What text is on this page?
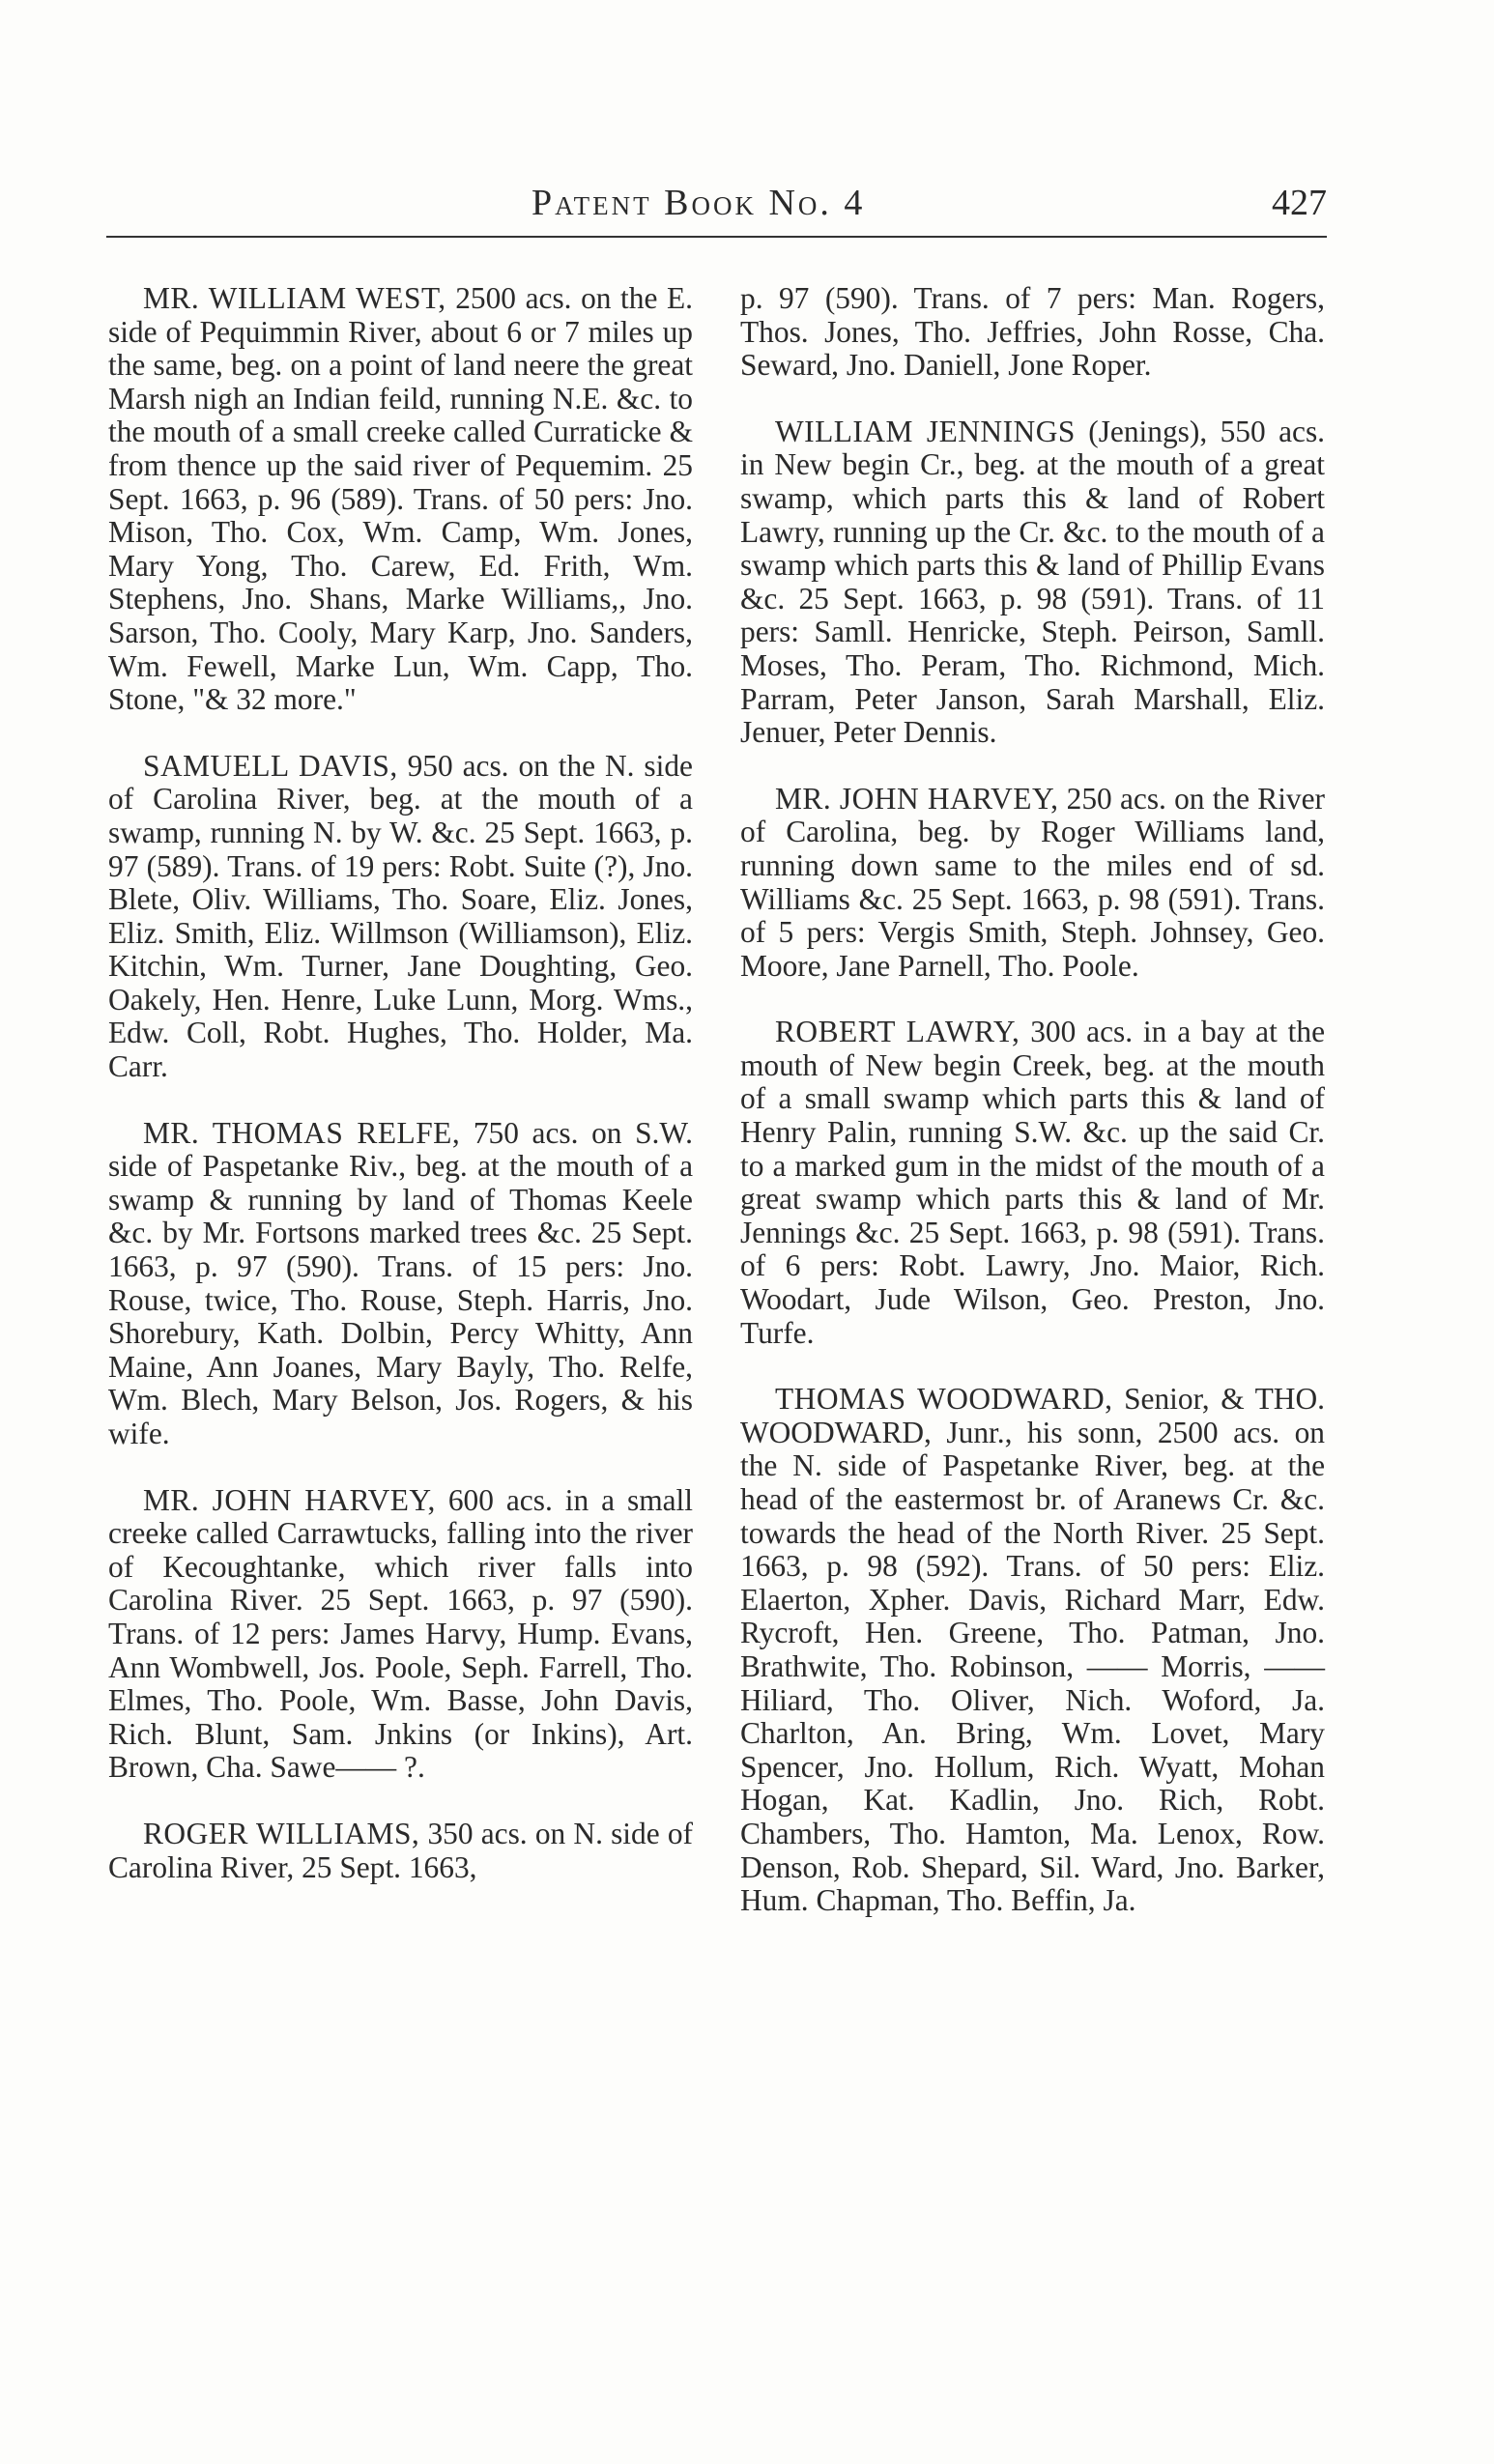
Patent Book No. 4	427

MR. WILLIAM WEST, 2500 acs. on the E. side of Pequimmin River, about 6 or 7 miles up the same, beg. on a point of land neere the great Marsh nigh an Indian feild, running N.E. &c. to the mouth of a small creeke called Curraticke & from thence up the said river of Pequemim. 25 Sept. 1663, p. 96 (589). Trans. of 50 pers: Jno. Mison, Tho. Cox, Wm. Camp, Wm. Jones, Mary Yong, Tho. Carew, Ed. Frith, Wm. Stephens, Jno. Shans, Marke Williams,, Jno. Sarson, Tho. Cooly, Mary Karp, Jno. Sanders, Wm. Fewell, Marke Lun, Wm. Capp, Tho. Stone, "& 32 more."

SAMUELL DAVIS, 950 acs. on the N. side of Carolina River, beg. at the mouth of a swamp, running N. by W. &c. 25 Sept. 1663, p. 97 (589). Trans. of 19 pers: Robt. Suite (?), Jno. Blete, Oliv. Williams, Tho. Soare, Eliz. Jones, Eliz. Smith, Eliz. Willmson (Williamson), Eliz. Kitchin, Wm. Turner, Jane Doughting, Geo. Oakely, Hen. Henre, Luke Lunn, Morg. Wms., Edw. Coll, Robt. Hughes, Tho. Holder, Ma. Carr.

MR. THOMAS RELFE, 750 acs. on S.W. side of Paspetanke Riv., beg. at the mouth of a swamp & running by land of Thomas Keele &c. by Mr. Fortsons marked trees &c. 25 Sept. 1663, p. 97 (590). Trans. of 15 pers: Jno. Rouse, twice, Tho. Rouse, Steph. Harris, Jno. Shorebury, Kath. Dolbin, Percy Whitty, Ann Maine, Ann Joanes, Mary Bayly, Tho. Relfe, Wm. Blech, Mary Belson, Jos. Rogers, & his wife.

MR. JOHN HARVEY, 600 acs. in a small creeke called Carrawtucks, falling into the river of Kecoughtanke, which river falls into Carolina River. 25 Sept. 1663, p. 97 (590). Trans. of 12 pers: James Harvy, Hump. Evans, Ann Wombwell, Jos. Poole, Seph. Farrell, Tho. Elmes, Tho. Poole, Wm. Basse, John Davis, Rich. Blunt, Sam. Jnkins (or Inkins), Art. Brown, Cha. Sawe—— ?.

ROGER WILLIAMS, 350 acs. on N. side of Carolina River, 25 Sept. 1663,

p. 97 (590). Trans. of 7 pers: Man. Rogers, Thos. Jones, Tho. Jeffries, John Rosse, Cha. Seward, Jno. Daniell, Jone Roper.

WILLIAM JENNINGS (Jenings), 550 acs. in New begin Cr., beg. at the mouth of a great swamp, which parts this & land of Robert Lawry, running up the Cr. &c. to the mouth of a swamp which parts this & land of Phillip Evans &c. 25 Sept. 1663, p. 98 (591). Trans. of 11 pers: Samll. Henricke, Steph. Peirson, Samll. Moses, Tho. Peram, Tho. Richmond, Mich. Parram, Peter Janson, Sarah Marshall, Eliz. Jenuer, Peter Dennis.

MR. JOHN HARVEY, 250 acs. on the River of Carolina, beg. by Roger Williams land, running down same to the miles end of sd. Williams &c. 25 Sept. 1663, p. 98 (591). Trans. of 5 pers: Vergis Smith, Steph. Johnsey, Geo. Moore, Jane Parnell, Tho. Poole.

ROBERT LAWRY, 300 acs. in a bay at the mouth of New begin Creek, beg. at the mouth of a small swamp which parts this & land of Henry Palin, running S.W. &c. up the said Cr. to a marked gum in the midst of the mouth of a great swamp which parts this & land of Mr. Jennings &c. 25 Sept. 1663, p. 98 (591). Trans. of 6 pers: Robt. Lawry, Jno. Maior, Rich. Woodart, Jude Wilson, Geo. Preston, Jno. Turfe.

THOMAS WOODWARD, Senior, & THO. WOODWARD, Junr., his sonn, 2500 acs. on the N. side of Paspetanke River, beg. at the head of the eastermost br. of Aranews Cr. &c. towards the head of the North River. 25 Sept. 1663, p. 98 (592). Trans. of 50 pers: Eliz. Elaerton, Xpher. Davis, Richard Marr, Edw. Rycroft, Hen. Greene, Tho. Patman, Jno. Brathwite, Tho. Robinson, —— Morris, —— Hiliard, Tho. Oliver, Nich. Woford, Ja. Charlton, An. Bring, Wm. Lovet, Mary Spencer, Jno. Hollum, Rich. Wyatt, Mohan Hogan, Kat. Kadlin, Jno. Rich, Robt. Chambers, Tho. Hamton, Ma. Lenox, Row. Denson, Rob. Shepard, Sil. Ward, Jno. Barker, Hum. Chapman, Tho. Beffin, Ja.
